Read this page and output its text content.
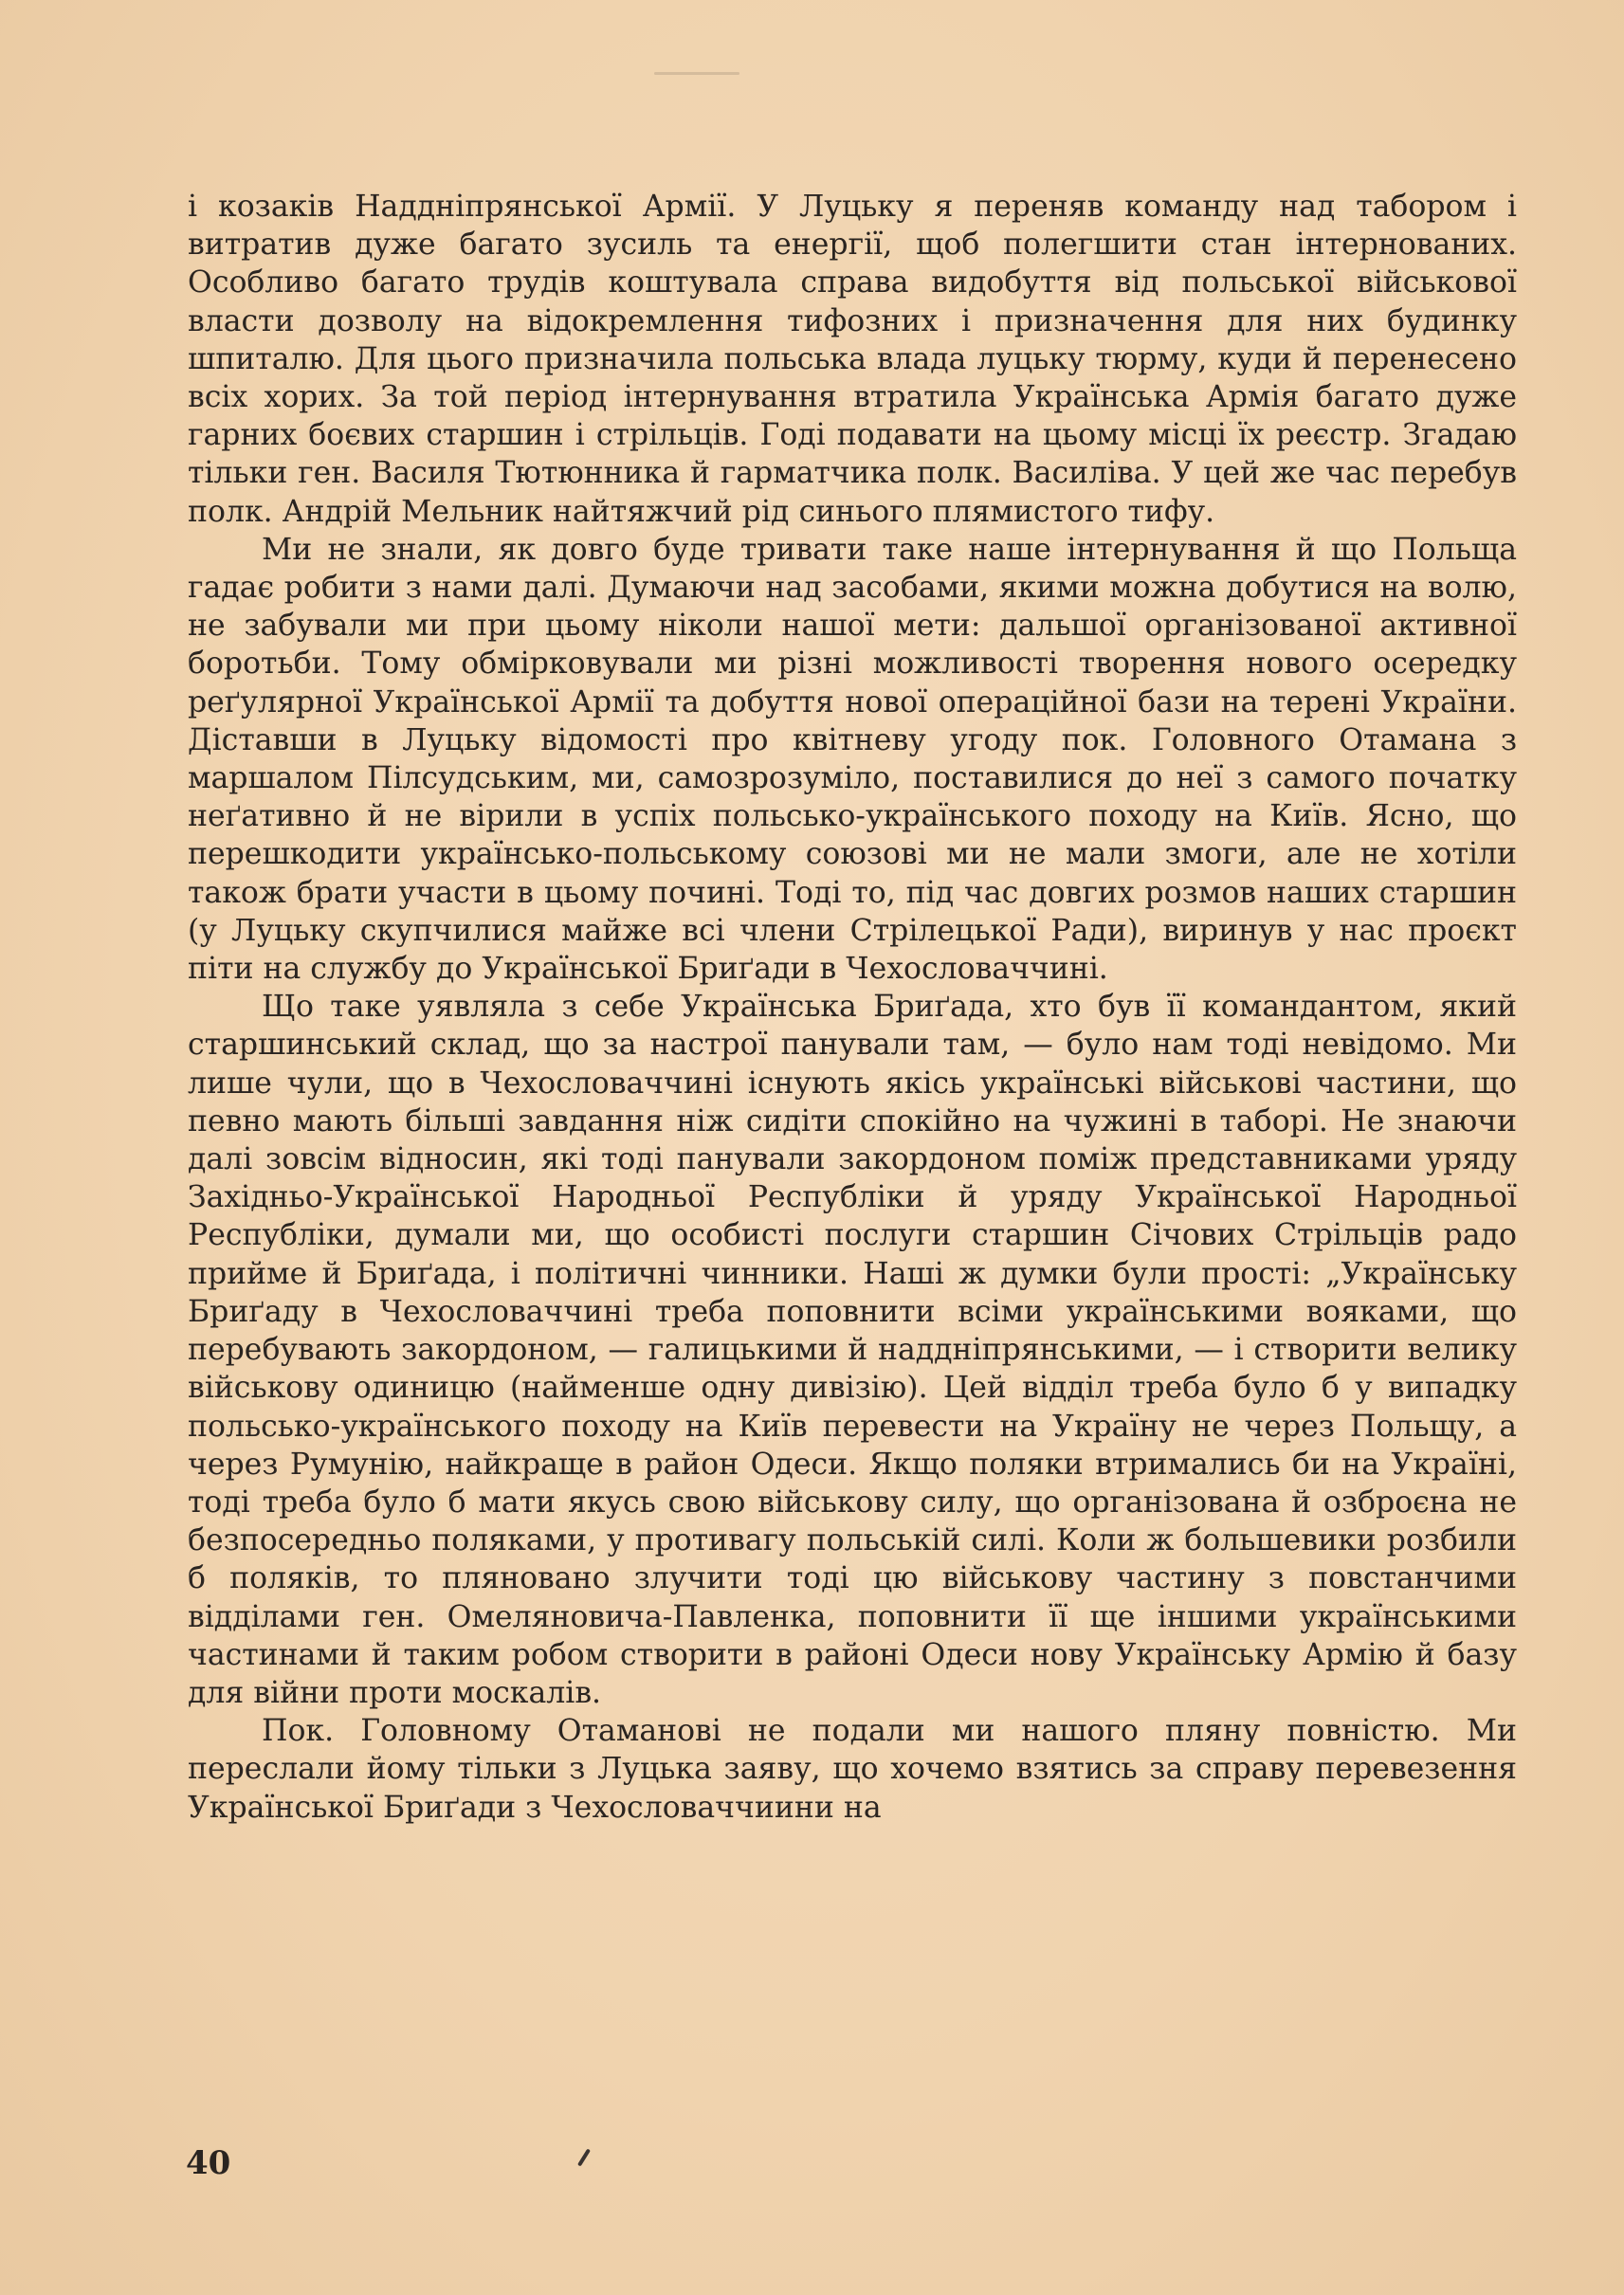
і козаків Наддніпрянської Армії. У Луцьку я переняв команду над табором і витратив дуже багато зусиль та енергії, щоб полегшити стан інтернованих. Особливо багато трудів коштувала справа видобуття від польської військової власти дозволу на відокремлення тифозних і призначення для них будинку шпиталю. Для цього призначила польська влада луцьку тюрму, куди й перенесено всіх хорих. За той період інтернування втратила Українська Армія багато дуже гарних боєвих старшин і стрільців. Годі подавати на цьому місці їх реєстр. Згадаю тільки ген. Василя Тютюнника й гарматчика полк. Василіва. У цей же час перебув полк. Андрій Мельник найтяжчий рід синього плямистого тифу.

Ми не знали, як довго буде тривати таке наше інтернування й що Польща гадає робити з нами далі. Думаючи над засобами, якими можна добутися на волю, не забували ми при цьому ніколи нашої мети: дальшої організованої активної боротьби. Тому обмірковували ми різні можливості творення нового осередку реґулярної Української Армії та добуття нової операційної бази на терені України. Діставши в Луцьку відомості про квітневу угоду пок. Головного Отамана з маршалом Пілсудським, ми, самозрозуміло, поставилися до неї з самого початку неґативно й не вірили в успіх польсько-українського походу на Київ. Ясно, що перешкодити українсько-польському союзові ми не мали змоги, але не хотіли також брати участи в цьому почині. Тоді то, під час довгих розмов наших старшин (у Луцьку скупчилися майже всі члени Стрілецької Ради), виринув у нас проєкт піти на службу до Української Бриґади в Чехословаччині.

Що таке уявляла з себе Українська Бриґада, хто був її командантом, який старшинський склад, що за настрої панували там, — було нам тоді невідомо. Ми лише чули, що в Чехословаччині існують якісь українські військові частини, що певно мають більші завдання ніж сидіти спокійно на чужині в таборі. Не знаючи далі зовсім відносин, які тоді панували закордоном поміж представниками уряду Західньо-Української Народньої Республіки й уряду Української Народньої Республіки, думали ми, що особисті послуги старшин Січових Стрільців радо прийме й Бриґада, і політичні чинники. Наші ж думки були прості: „Українську Бриґаду в Чехословаччині треба поповнити всіми українськими вояками, що перебувають закордоном, — галицькими й наддніпрянськими, — і створити велику військову одиницю (найменше одну дивізію). Цей відділ треба було б у випадку польсько-українського походу на Київ перевести на Україну не через Польщу, а через Румунію, найкраще в район Одеси. Якщо поляки втримались би на Україні, тоді треба було б мати якусь свою військову силу, що організована й озброєна не безпосередньо поляками, у противагу польській силі. Коли ж большевики розбили б поляків, то пляновано злучити тоді цю військову частину з повстанчими відділами ген. Омеляновича-Павленка, поповнити її ще іншими українськими частинами й таким робом створити в районі Одеси нову Українську Армію й базу для війни проти москалів.

Пок. Головному Отаманові не подали ми нашого пляну повністю. Ми переслали йому тільки з Луцька заяву, що хочемо взятись за справу перевезення Української Бриґади з Чехословаччиини на

40
